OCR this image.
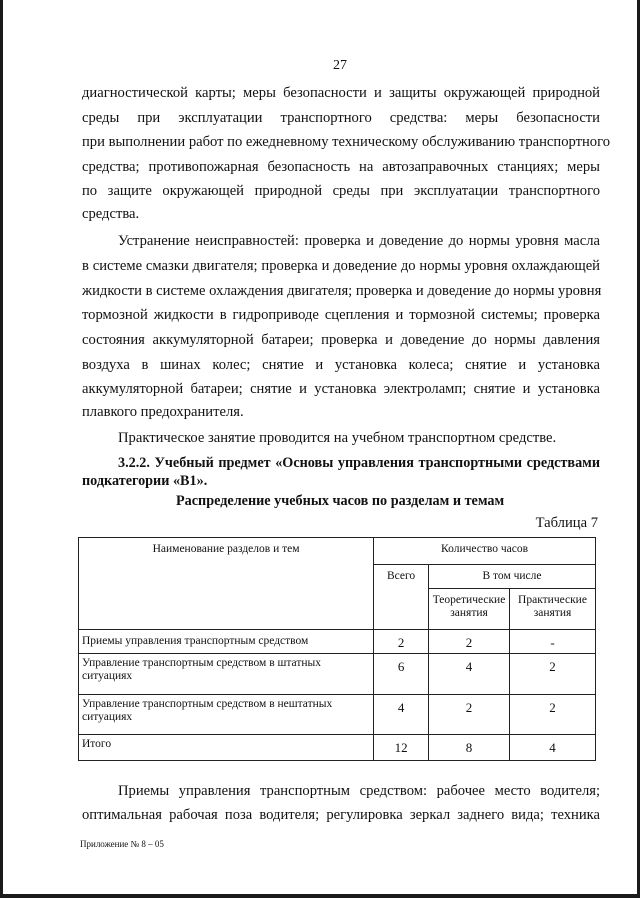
27
диагностической карты; меры безопасности и защиты окружающей природной
среды при эксплуатации транспортного средства: меры безопасности
при выполнении работ по ежедневному техническому обслуживанию транспортного
средства; противопожарная безопасность на автозаправочных станциях; меры
по защите окружающей природной среды при эксплуатации транспортного
средства.
Устранение неисправностей: проверка и доведение до нормы уровня масла
в системе смазки двигателя; проверка и доведение до нормы уровня охлаждающей
жидкости в системе охлаждения двигателя; проверка и доведение до нормы уровня
тормозной жидкости в гидроприводе сцепления и тормозной системы; проверка
состояния аккумуляторной батареи; проверка и доведение до нормы давления
воздуха в шинах колес; снятие и установка колеса; снятие и установка
аккумуляторной батареи; снятие и установка электроламп; снятие и установка
плавкого предохранителя.
Практическое занятие проводится на учебном транспортном средстве.
3.2.2. Учебный предмет «Основы управления транспортными средствами
подкатегории «B1».
Распределение учебных часов по разделам и темам
Таблица 7
Наименование разделов и тем	Количество часов		
	Всего	В том числе	
		Теоретические занятия	Практические занятия
Приемы управления транспортным средством	2	2	-
Управление транспортным средством в штатных ситуациях	6	4	2
Управление транспортным средством в нештатных ситуациях	4	2	2
Итого	12	8	4
Приемы управления транспортным средством: рабочее место водителя;
оптимальная рабочая поза водителя; регулировка зеркал заднего вида; техника
Приложение № 8 – 05
